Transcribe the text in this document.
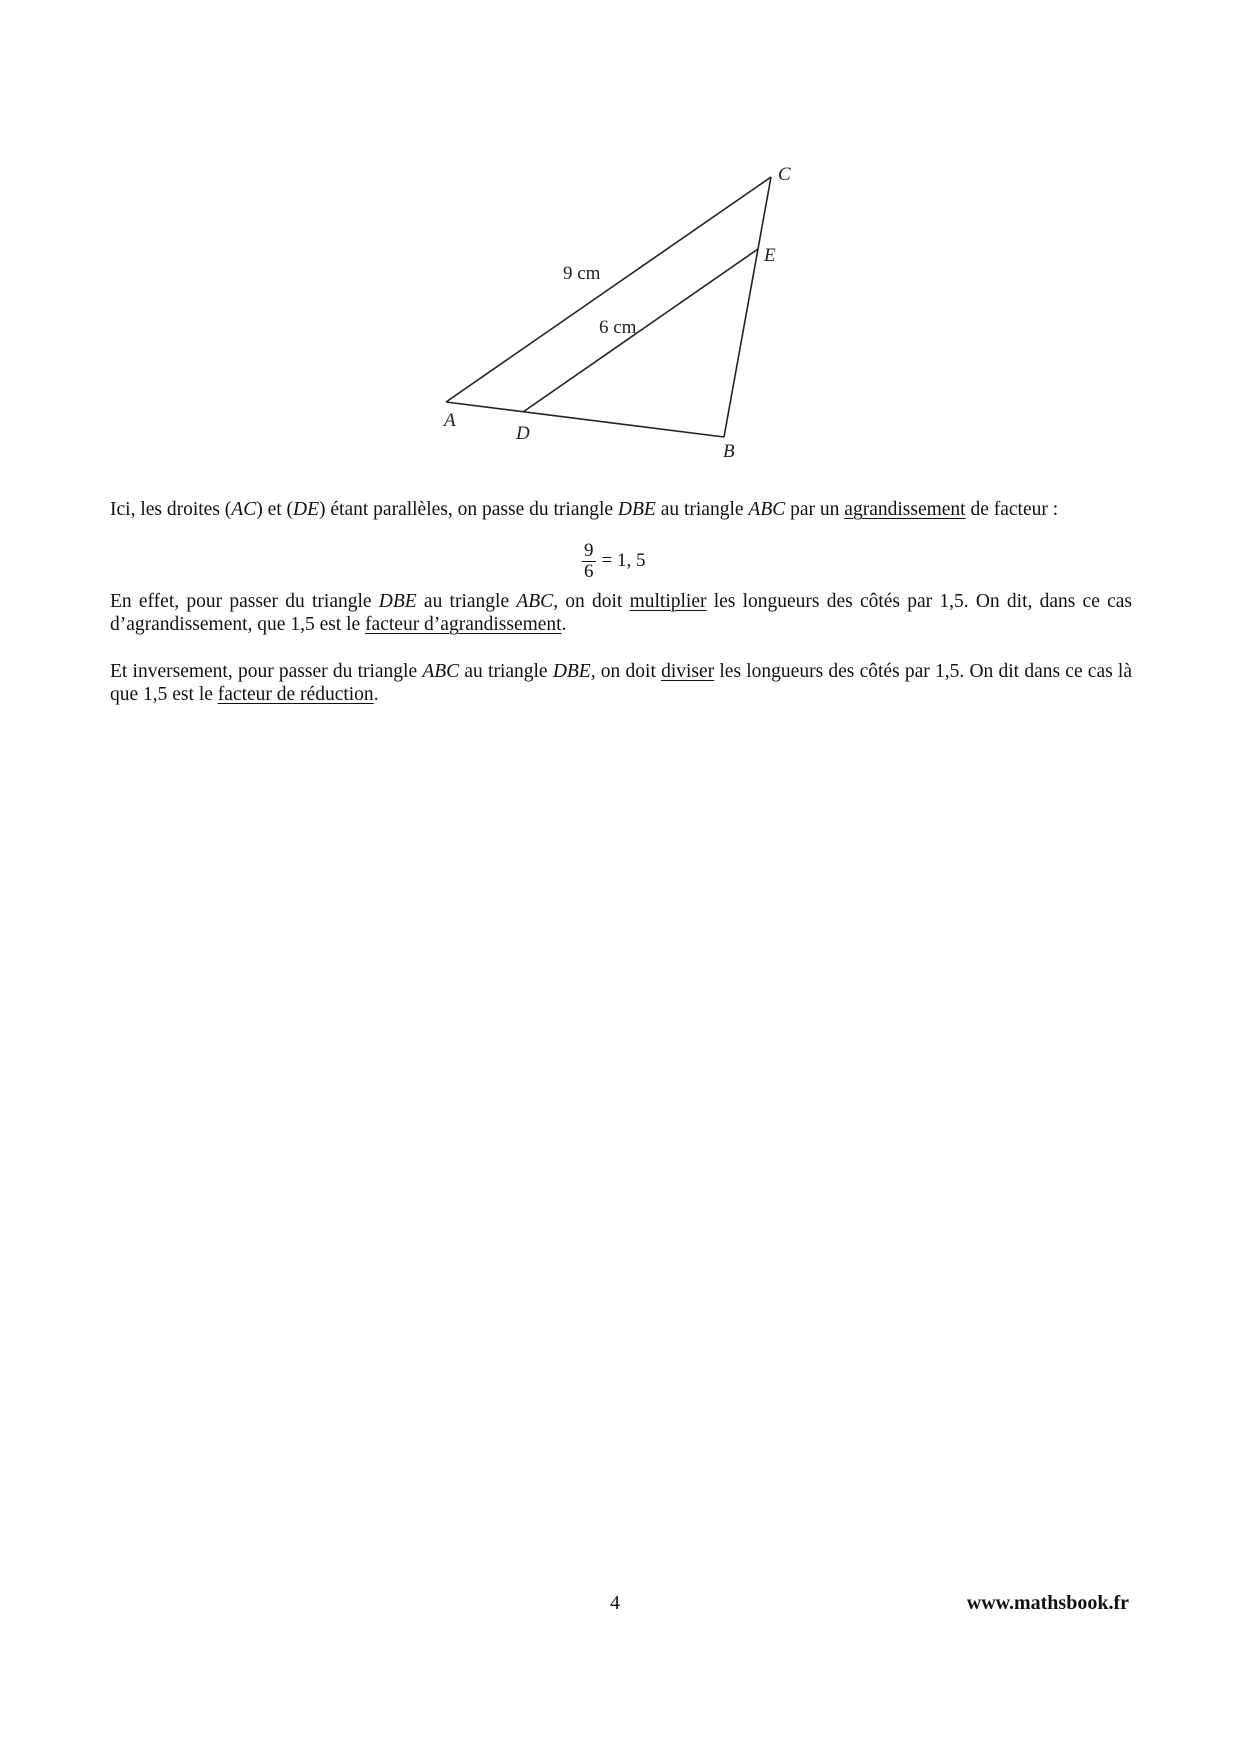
C
E
A
D
B
9 cm
6 cm
Ici, les droites (AC) et (DE) étant parallèles, on passe du triangle DBE au triangle ABC par un agrandissement de facteur :
$\frac{9}{6} = 1$, 5
En effet, pour passer du triangle DBE au triangle ABC, on doit multiplier les longueurs des côtés par 1,5. On dit, dans ce cas d’agrandissement, que 1,5 est le facteur d’agrandissement.
Et inversement, pour passer du triangle ABC au triangle DBE, on doit diviser les longueurs des côtés par 1,5. On dit dans ce cas là que 1,5 est le facteur de réduction.
4	www.mathsbook.fr
